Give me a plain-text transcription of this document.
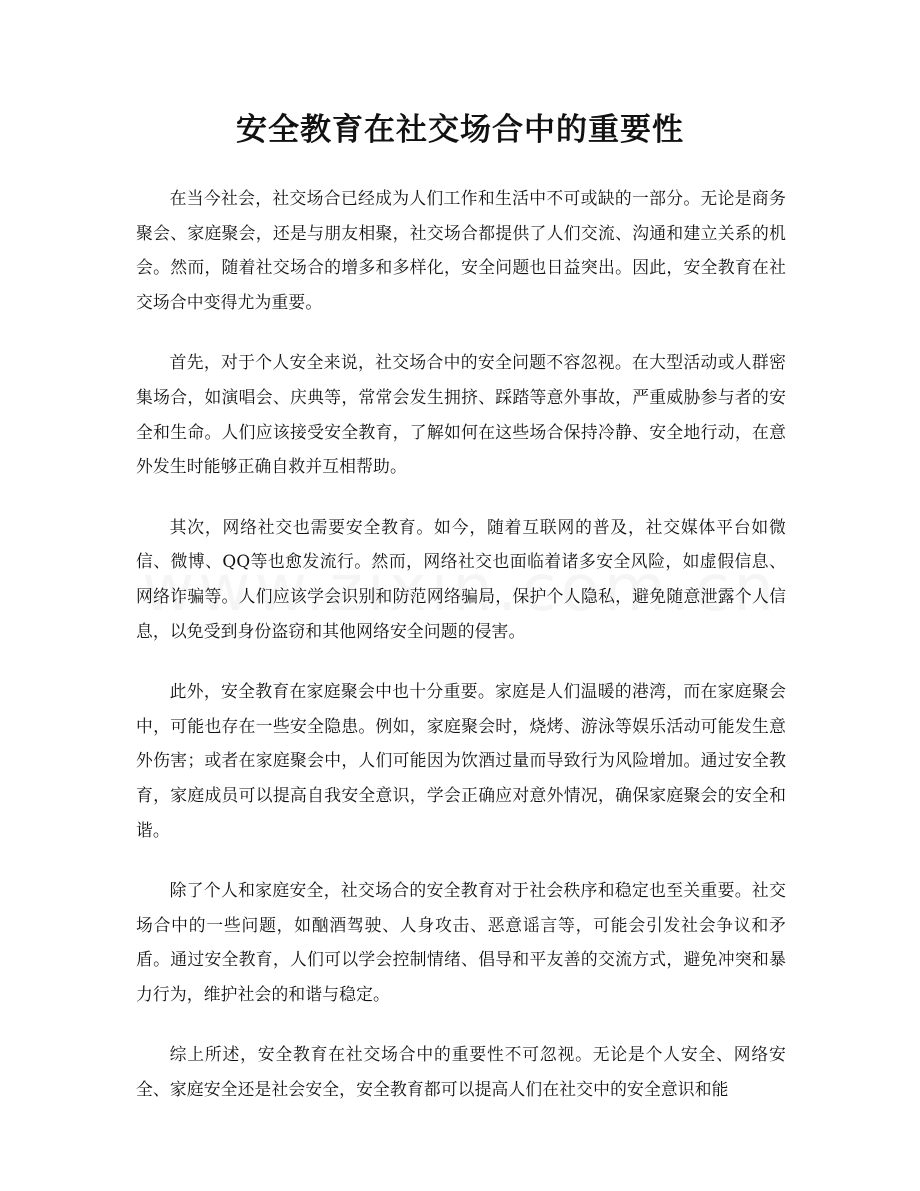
安全教育在社交场合中的重要性

在当今社会，社交场合已经成为人们工作和生活中不可或缺的一部分。无论是商务聚会、家庭聚会，还是与朋友相聚，社交场合都提供了人们交流、沟通和建立关系的机会。然而，随着社交场合的增多和多样化，安全问题也日益突出。因此，安全教育在社交场合中变得尤为重要。

首先，对于个人安全来说，社交场合中的安全问题不容忽视。在大型活动或人群密集场合，如演唱会、庆典等，常常会发生拥挤、踩踏等意外事故，严重威胁参与者的安全和生命。人们应该接受安全教育，了解如何在这些场合保持冷静、安全地行动，在意外发生时能够正确自救并互相帮助。

其次，网络社交也需要安全教育。如今，随着互联网的普及，社交媒体平台如微信、微博、QQ等也愈发流行。然而，网络社交也面临着诸多安全风险，如虚假信息、网络诈骗等。人们应该学会识别和防范网络骗局，保护个人隐私，避免随意泄露个人信息，以免受到身份盗窃和其他网络安全问题的侵害。

此外，安全教育在家庭聚会中也十分重要。家庭是人们温暖的港湾，而在家庭聚会中，可能也存在一些安全隐患。例如，家庭聚会时，烧烤、游泳等娱乐活动可能发生意外伤害；或者在家庭聚会中，人们可能因为饮酒过量而导致行为风险增加。通过安全教育，家庭成员可以提高自我安全意识，学会正确应对意外情况，确保家庭聚会的安全和谐。

除了个人和家庭安全，社交场合的安全教育对于社会秩序和稳定也至关重要。社交场合中的一些问题，如酗酒驾驶、人身攻击、恶意谣言等，可能会引发社会争议和矛盾。通过安全教育，人们可以学会控制情绪、倡导和平友善的交流方式，避免冲突和暴力行为，维护社会的和谐与稳定。

综上所述，安全教育在社交场合中的重要性不可忽视。无论是个人安全、网络安全、家庭安全还是社会安全，安全教育都可以提高人们在社交中的安全意识和能
